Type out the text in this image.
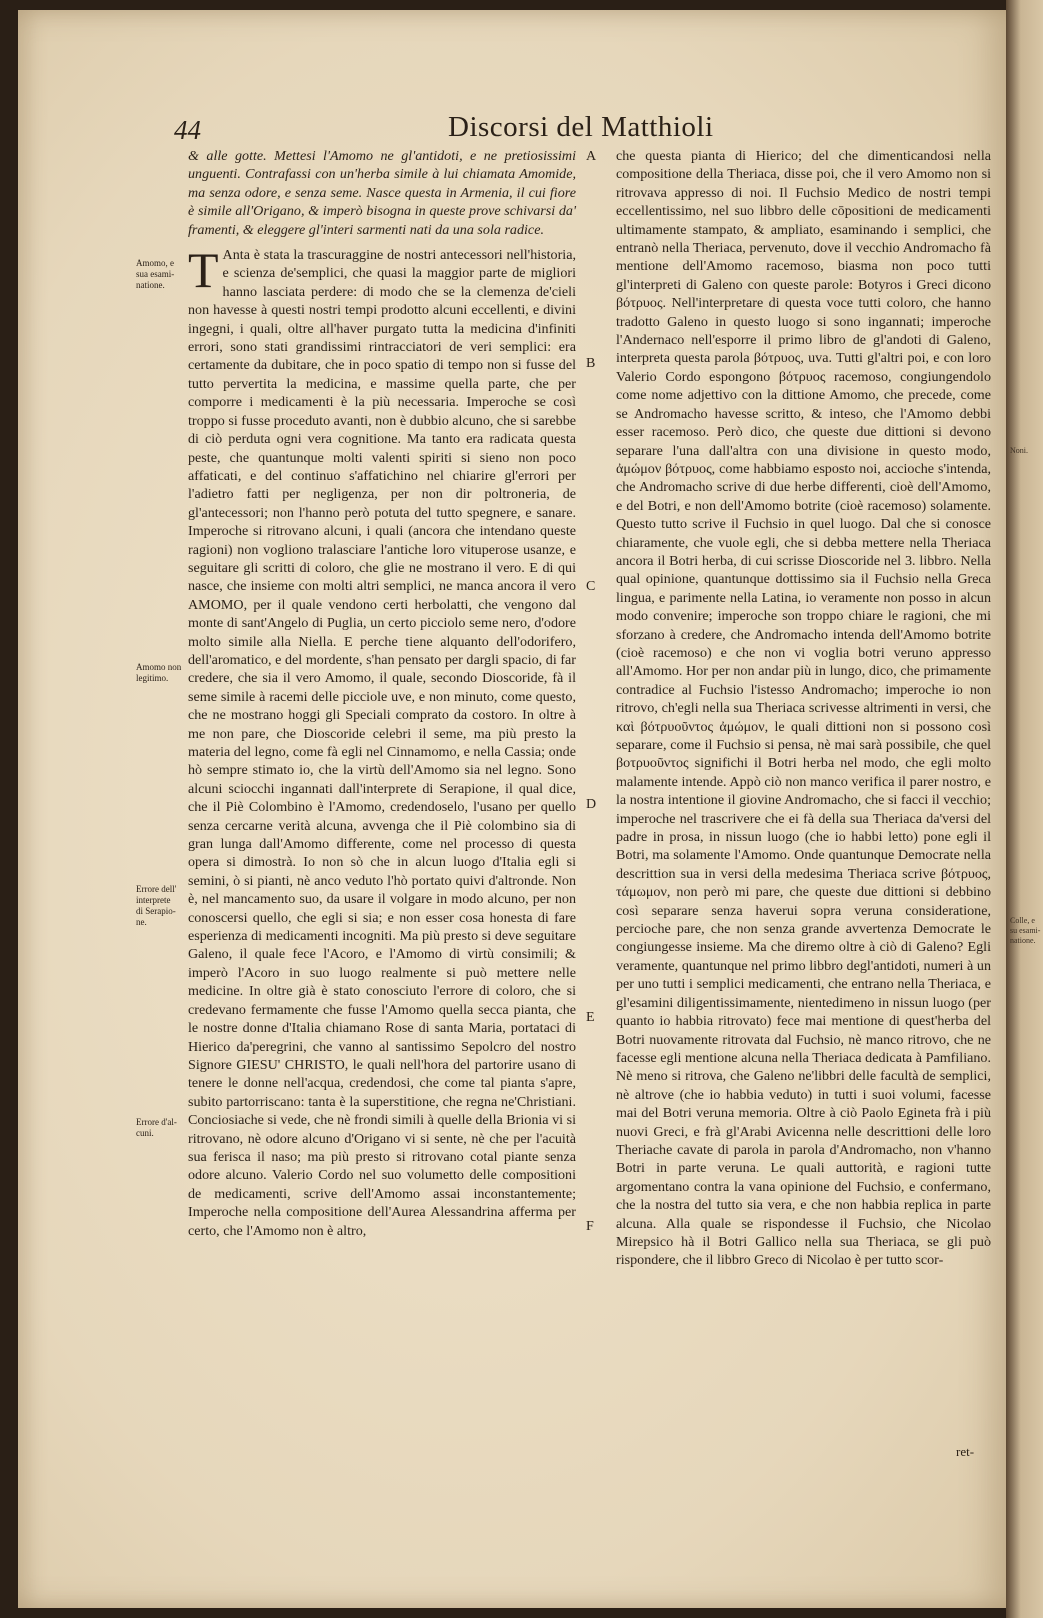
44	Discorsi del Matthioli

& alle gotte. Mettesi l'Amomo ne gl'antidoti, e ne pretiosissimi unguenti. Contrafassi con un'herba simile à lui chiamata Amomide, ma senza odore, e senza seme. Nasce questa in Armenia, il cui fiore è simile all'Origano, & imperò bisogna in queste prove schivarsi da' framenti, & eleggere gl'interi sarmenti nati da una sola radice.

T Anta è stata la trascuraggine de nostri antecessori nell'historia, e scienza de'semplici, che quasi la maggior parte de migliori hanno lasciata perdere: di modo che se la clemenza de'cieli non havesse à questi nostri tempi prodotto alcuni eccellenti, e divini ingegni, i quali, oltre all'haver purgato tutta la medicina d'infiniti errori, sono stati grandissimi rintracciatori de veri semplici: era certamente da dubitare, che in poco spatio di tempo non si fusse del tutto pervertita la medicina, e massime quella parte, che per comporre i medicamenti è la più necessaria. Imperoche se così troppo si fusse proceduto avanti, non è dubbio alcuno, che si sarebbe di ciò perduta ogni vera cognitione. Ma tanto era radicata questa peste, che quantunque molti valenti spiriti si sieno non poco affaticati, e del continuo s'affatichino nel chiarire gl'errori per l'adietro fatti per negligenza, per non dir poltroneria, de gl'antecessori; non l'hanno però potuta del tutto spegnere, e sanare. Imperoche si ritrovano alcuni, i quali (ancora che intendano queste ragioni) non vogliono tralasciare l'antiche loro vituperose usanze, e seguitare gli scritti di coloro, che glie ne mostrano il vero. E di qui nasce, che insieme con molti altri semplici, ne manca ancora il vero AMOMO, per il quale vendono certi herbolatti, che vengono dal monte di sant'Angelo di Puglia, un certo picciolo seme nero, d'odore molto simile alla Niella. E perche tiene alquanto dell'odorifero, dell'aromatico, e del mordente, s'han pensato per dargli spacio, di far credere, che sia il vero Amomo, il quale, secondo Dioscoride, fà il seme simile à racemi delle picciole uve, e non minuto, come questo, che ne mostrano hoggi gli Speciali comprato da costoro. In oltre à me non pare, che Dioscoride celebri il seme, ma più presto la materia del legno, come fà egli nel Cinnamomo, e nella Cassia; onde hò sempre stimato io, che la virtù dell'Amomo sia nel legno. Sono alcuni sciocchi ingannati dall'interprete di Serapione, il qual dice, che il Piè Colombino è l'Amomo, credendoselo, l'usano per quello senza cercarne verità alcuna, avvenga che il Piè colombino sia di gran lunga dall'Amomo differente, come nel processo di questa opera si dimostrà. Io non sò che in alcun luogo d'Italia egli si semini, ò si pianti, nè anco veduto l'hò portato quivi d'altronde. Non è, nel mancamento suo, da usare il volgare in modo alcuno, per non conoscersi quello, che egli si sia; e non esser cosa honesta di fare esperienza di medicamenti incogniti. Ma più presto si deve seguitare Galeno, il quale fece l'Acoro, e l'Amomo di virtù consimili; & imperò l'Acoro in suo luogo realmente si può mettere nelle medicine. In oltre già è stato conosciuto l'errore di coloro, che si credevano fermamente che fusse l'Amomo quella secca pianta, che le nostre donne d'Italia chiamano Rose di santa Maria, portataci di Hierico da'peregrini, che vanno al santissimo Sepolcro del nostro Signore GIESU' CHRISTO, le quali nell'hora del partorire usano di tenere le donne nell'acqua, credendosi, che come tal pianta s'apre, subito partorriscano: tanta è la superstitione, che regna ne'Christiani. Conciosiache si vede, che nè frondi simili à quelle della Brionia vi si ritrovano, nè odore alcuno d'Origano vi si sente, nè che per l'acuità sua ferisca il naso; ma più presto si ritrovano cotal piante senza odore alcuno. Valerio Cordo nel suo volumetto delle compositioni de medicamenti, scrive dell'Amomo assai inconstantemente; Imperoche nella compositione dell'Aurea Alessandrina afferma per certo, che l'Amomo non è altro,

che questa pianta di Hierico; del che dimenticandosi nella compositione della Theriaca, disse poi, che il vero Amomo non si ritrovava appresso di noi. Il Fuchsio Medico de nostri tempi eccellentissimo, nel suo libbro delle cōpositioni de medicamenti ultimamente stampato, & ampliato, esaminando i semplici, che entranò nella Theriaca, pervenuto, dove il vecchio Andromacho fà mentione dell'Amomo racemoso, biasma non poco tutti gl'interpreti di Galeno con queste parole: Botyros i Greci dicono βότρυος. Nell'interpretare di questa voce tutti coloro, che hanno tradotto Galeno in questo luogo si sono ingannati; imperoche l'Andernaco nell'esporre il primo libro de gl'andoti di Galeno, interpreta questa parola βότρυος, uva. Tutti gl'altri poi, e con loro Valerio Cordo espongono βότρυος racemoso, congiungendolo come nome adjettivo con la dittione Amomo, che precede, come se Andromacho havesse scritto, & inteso, che l'Amomo debbi esser racemoso. Però dico, che queste due dittioni si devono separare l'una dall'altra con una divisione in questo modo, ἀμώμον βότρυος, come habbiamo esposto noi, accioche s'intenda, che Andromacho scrive di due herbe differenti, cioè dell'Amomo, e del Botri, e non dell'Amomo botrite (cioè racemoso) solamente. Questo tutto scrive il Fuchsio in quel luogo. Dal che si conosce chiaramente, che vuole egli, che si debba mettere nella Theriaca ancora il Botri herba, di cui scrisse Dioscoride nel 3. libbro. Nella qual opinione, quantunque dottissimo sia il Fuchsio nella Greca lingua, e parimente nella Latina, io veramente non posso in alcun modo convenire; imperoche son troppo chiare le ragioni, che mi sforzano à credere, che Andromacho intenda dell'Amomo botrite (cioè racemoso) e che non vi voglia botri veruno appresso all'Amomo. Hor per non andar più in lungo, dico, che primamente contradice al Fuchsio l'istesso Andromacho; imperoche io non ritrovo, ch'egli nella sua Theriaca scrivesse altrimenti in versi, che καὶ βότρυοῦντος ἀμώμον, le quali dittioni non si possono così separare, come il Fuchsio si pensa, nè mai sarà possibile, che quel βοτρυοῦντος significhi il Botri herba nel modo, che egli molto malamente intende. Appò ciò non manco verifica il parer nostro, e la nostra intentione il giovine Andromacho, che si facci il vecchio; imperoche nel trascrivere che ei fà della sua Theriaca da'versi del padre in prosa, in nissun luogo (che io habbi letto) pone egli il Botri, ma solamente l'Amomo. Onde quantunque Democrate nella descrittion sua in versi della medesima Theriaca scrive βότρυος, τάμωμον, non però mi pare, che queste due dittioni si debbino così separare senza haverui sopra veruna consideratione, percioche pare, che non senza grande avvertenza Democrate le congiungesse insieme. Ma che diremo oltre à ciò di Galeno? Egli veramente, quantunque nel primo libbro degl'antidoti, numeri à un per uno tutti i semplici medicamenti, che entrano nella Theriaca, e gl'esamini diligentissimamente, nientedimeno in nissun luogo (per quanto io habbia ritrovato) fece mai mentione di quest'herba del Botri nuovamente ritrovata dal Fuchsio, nè manco ritrovo, che ne facesse egli mentione alcuna nella Theriaca dedicata à Pamfiliano. Nè meno si ritrova, che Galeno ne'libbri delle facultà de semplici, nè altrove (che io habbia veduto) in tutti i suoi volumi, facesse mai del Botri veruna memoria. Oltre à ciò Paolo Egineta frà i più nuovi Greci, e frà gl'Arabi Avicenna nelle descrittioni delle loro Theriache cavate di parola in parola d'Andromacho, non v'hanno Botri in parte veruna. Le quali auttorità, e ragioni tutte argomentano contra la vana opinione del Fuchsio, e confermano, che la nostra del tutto sia vera, e che non habbia replica in parte alcuna. Alla quale se rispondesse il Fuchsio, che Nicolao Mirepsico hà il Botri Gallico nella sua Theriaca, se gli può rispondere, che il libbro Greco di Nicolao è per tutto scor-

Amomo, e
sua esami-
natione.
Amomo non
legitimo.
Errore dell'
interprete
di Serapio-
ne.
Errore d'al-
cuni.
A
B
C
D
E
F
ret-
Noni.
Colle, e
su esami-
natione.
